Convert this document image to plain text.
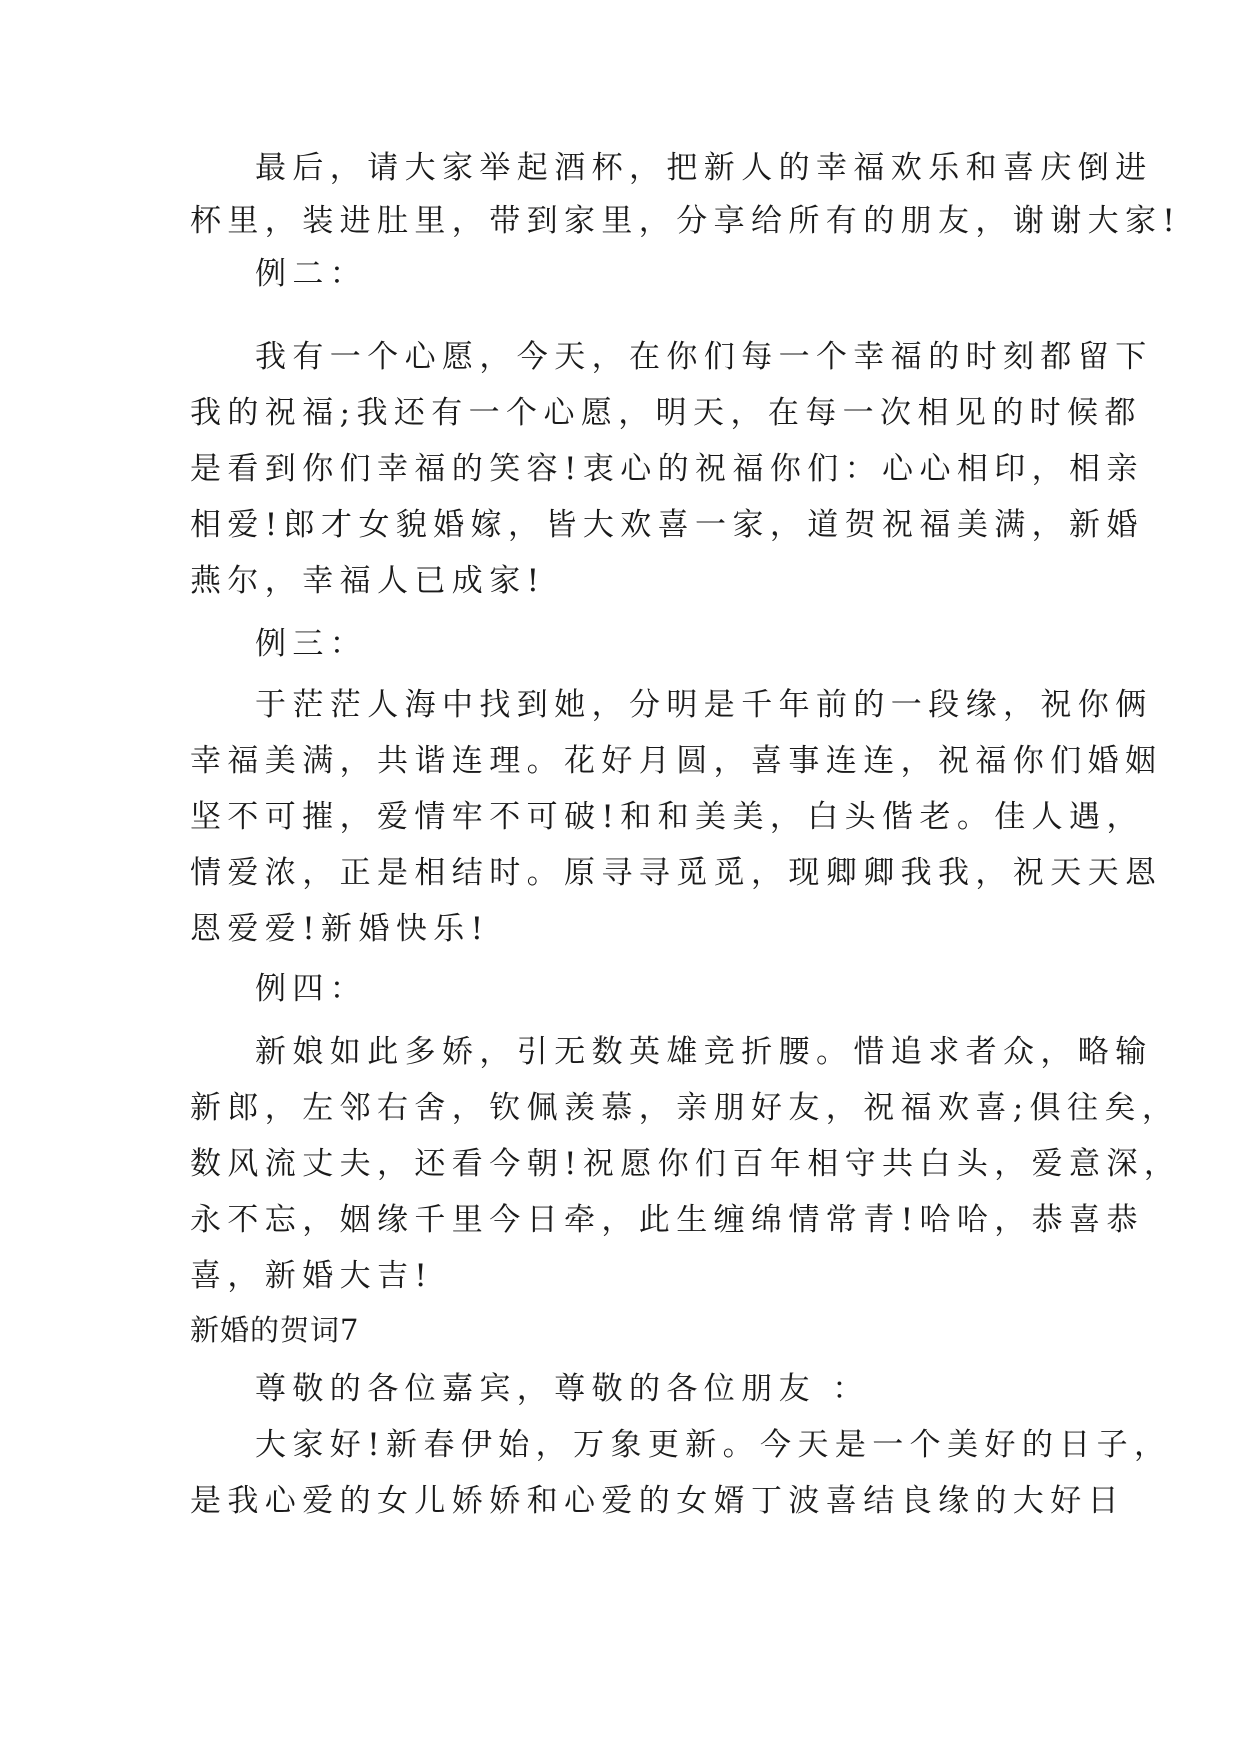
最后，请大家举起酒杯，把新人的幸福欢乐和喜庆倒进
杯里，装进肚里，带到家里，分享给所有的朋友，谢谢大家!
例二：
我有一个心愿，今天，在你们每一个幸福的时刻都留下
我的祝福;我还有一个心愿，明天，在每一次相见的时候都
是看到你们幸福的笑容!衷心的祝福你们：心心相印，相亲
相爱!郎才女貌婚嫁，皆大欢喜一家，道贺祝福美满，新婚
燕尔，幸福人已成家!
例三：
于茫茫人海中找到她，分明是千年前的一段缘，祝你俩
幸福美满，共谐连理。花好月圆，喜事连连，祝福你们婚姻
坚不可摧，爱情牢不可破!和和美美，白头偕老。佳人遇，
情爱浓，正是相结时。原寻寻觅觅，现卿卿我我，祝天天恩
恩爱爱!新婚快乐!
例四：
新娘如此多娇，引无数英雄竞折腰。惜追求者众，略输
新郎，左邻右舍，钦佩羡慕，亲朋好友，祝福欢喜;俱往矣，
数风流丈夫，还看今朝!祝愿你们百年相守共白头，爱意深，
永不忘，姻缘千里今日牵，此生缠绵情常青!哈哈，恭喜恭
喜，新婚大吉!
新婚的贺词7
尊敬的各位嘉宾，尊敬的各位朋友 ：
大家好!新春伊始，万象更新。今天是一个美好的日子，
是我心爱的女儿娇娇和心爱的女婿丁波喜结良缘的大好日
